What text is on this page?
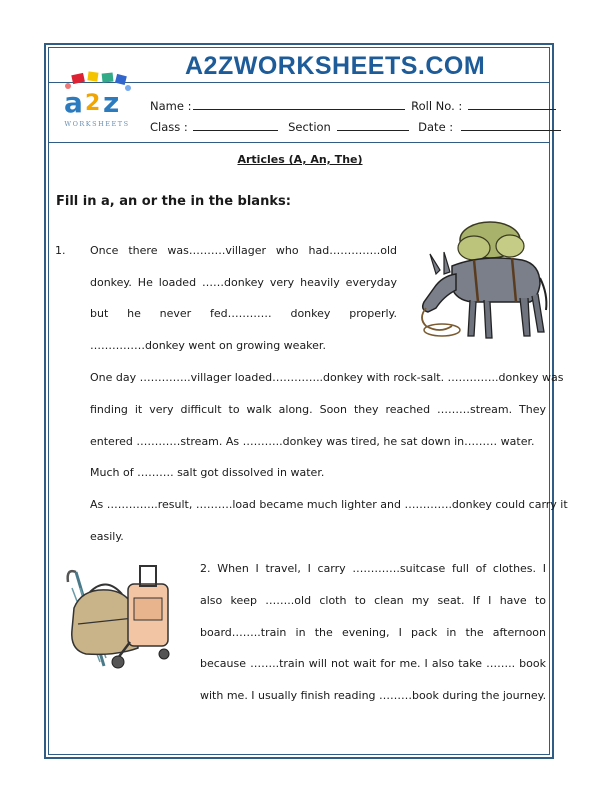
A2ZWORKSHEETS.COM
a 2 z
WORKSHEETS
Name :	Roll No. :
Class :	Section	Date :
Articles (A, An, The)
Fill in a, an or the in the blanks:
1. Once there was……….villager who had…………..old
donkey. He loaded ……donkey very heavily everyday
but he never fed………… donkey properly.
……………donkey went on growing weaker.
One day …………..villager loaded…………..donkey with rock-salt. …………..donkey was
finding it very difficult to walk along. Soon they reached ………stream. They
entered …………stream. As ………..donkey was tired, he sat down in……… water.
Much of ………. salt got dissolved in water.
As …………..result, ……….load became much lighter and ………….donkey could carry it
easily.
2. When I travel, I carry ………….suitcase full of clothes. I
also keep ……..old cloth to clean my seat. If I have to
board……..train in the evening, I pack in the afternoon
because ……..train will not wait for me. I also take …….. book
with me. I usually finish reading ………book during the journey.
